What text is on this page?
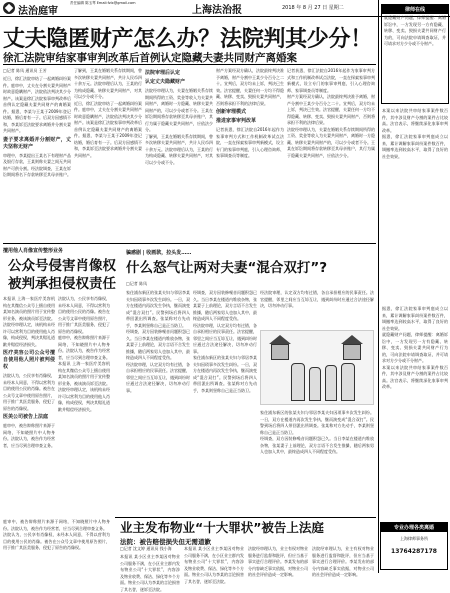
法治庭审
责任编辑 陈玉琴 Email:fzlx@gmail.com
上海法治报	2018 年 8 月 27 日 星期二
丈夫隐匿财产怎么办？法院判其少分！
徐汇法院审结家事审判改革后首例认定隐藏夫妻共同财产离婚案
□记者 陈凤 通讯员 王芳
近日，徐汇法院审结了一起离婚纠纷案件。庭审中，丈夫在分割夫妻共同财产时故意隐瞒财产，法院依法判决其少分财产。该案是徐汇法院家事审判改革后首例认定隐藏夫妻共同财产的离婚案件。据悉，李某与王某于2009年登记结婚，婚后育有一子。后双方因感情不和，李某诉至法院要求离婚并分割夫妻共同财产。
妻子要求离婚并分割财产，丈夫坚称无财产
审理中，李某提出王某名下有理财产品及银行存款，王某则称夫妻之间无共同财产可供分割。经法院调查，王某在诉讼期间将名下存款转移至其母亲账户。
了解到，王某在婚姻关系存续期间，曾多次转移夫妻共同财产，共计人民币四十余万元。法院审理后认为，王某的行为构成隐藏、转移夫妻共同财产，对其可以少分或不分。
近日，徐汇法院审结了一起离婚纠纷案件。庭审中，丈夫在分割夫妻共同财产时故意隐瞒财产，法院依法判决其少分财产。该案是徐汇法院家事审判改革后首例认定隐藏夫妻共同财产的离婚案件。据悉，李某与王某于2009年登记结婚，婚后育有一子。后双方因感情不和，李某诉至法院要求离婚并分割夫妻共同财产。
法院审理后认定
认定丈夫隐藏财产
法院经审理认为，夫妻在婚姻关系存续期间所得的工资、奖金等收入为夫妻共同财产，离婚时一方隐藏、转移夫妻共同财产的，可以少分或者不分。王某在诉讼期间将存款转移至其母亲账户，其行为属于隐藏夫妻共同财产，应依法少分。
了解到，王某在婚姻关系存续期间，曾多次转移夫妻共同财产，共计人民币四十余万元。法院审理后认为，王某的行为构成隐藏、转移夫妻共同财产，对其可以少分或不分。
财产方案经双方确认，法院最终判决准予离婚，财产分割中王某少分百分之二十。宣判后，双方均未上诉，判决已生效。法官提醒，夫妻任何一方均不得隐藏、转移、变卖、毁损夫妻共同财产，否则将承担不利的法律后果。
创新审理模式
推进家事审判改革
记者获悉，徐汇法院自2016年起作为家事审判方式和工作机制改革试点法院，一直在探索家事审判新模式，设立专门的家事审判庭，引入心理咨询师、家事调查员等制度。
记者获悉，徐汇法院自2016年起作为家事审判方式和工作机制改革试点法院，一直在探索家事审判新模式，设立专门的家事审判庭，引入心理咨询师、家事调查员等制度。
财产方案经双方确认，法院最终判决准予离婚，财产分割中王某少分百分之二十。宣判后，双方均未上诉，判决已生效。法官提醒，夫妻任何一方均不得隐藏、转移、变卖、毁损夫妻共同财产，否则将承担不利的法律后果。
法院经审理认为，夫妻在婚姻关系存续期间所得的工资、奖金等收入为夫妻共同财产，离婚时一方隐藏、转移夫妻共同财产的，可以少分或者不分。王某在诉讼期间将存款转移至其母亲账户，其行为属于隐藏夫妻共同财产，应依法少分。
擅用他人肖像宣传整形业务
公众号侵害肖像权
被判承担侵权责任
本报讯 上海一家医疗美容机构在其微信公众号上擅自使用某知名演员的照片用于宣传整形业务，被该演员诉至法院。法院经审理认定，该机构未经许可以营利为目的使用他人肖像，构成侵权，判决其赔礼道歉并赔偿经济损失。
医疗美容公司公众号擅自使用他人照片被判侵权
法院认为，公民享有肖像权，未经本人同意，不得以营利为目的使用公民的肖像。被告在公众号文章中使用原告照片，用于推广其医美服务，侵犯了原告的肖像权。
医美公司被告上法庭
庭审中，被告辩称照片来源于网络，不知晓照片中人物身份。法院认为，被告作为经营者，应当尽到合理审查义务。
法院认为，公民享有肖像权，未经本人同意，不得以营利为目的使用公民的肖像。被告在公众号文章中使用原告照片，用于推广其医美服务，侵犯了原告的肖像权。
庭审中，被告辩称照片来源于网络，不知晓照片中人物身份。法院认为，被告作为经营者，应当尽到合理审查义务。
本报讯 上海一家医疗美容机构在其微信公众号上擅自使用某知名演员的照片用于宣传整形业务，被该演员诉至法院。法院经审理认定，该机构未经许可以营利为目的使用他人肖像，构成侵权，判决其赔礼道歉并赔偿经济损失。
骗感剧 | 收画款，拉头发……
什么怒气让两对夫妻“混合双打”?
□记者 陈凤
家住浦东新区的张某夫妇与邻居李某夫妇因琐事多次发生纠纷。一日，双方在楼道内再次发生争执，继而演变成“混合双打”。民警到场后将四人带回派出所调查。张某称对方先动手，李某则坚称自己是正当防卫。
经调查，双方因装修噪音问题积怨已久。当日李某在楼道内堆放杂物，张某妻子上前理论，双方言语不合发生推搡，随后两家男人也加入其中，最终造成四人不同程度受伤。
经法院审理，认定双方均有过错，各自承担相应的民事责任。法官提醒，邻里之间应当互谅互让，遇到纠纷时应通过合法途径解决，切勿冲动行事。
经调查，双方因装修噪音问题积怨已久。当日李某在楼道内堆放杂物，张某妻子上前理论，双方言语不合发生推搡，随后两家男人也加入其中，最终造成四人不同程度受伤。
经法院审理，认定双方均有过错，各自承担相应的民事责任。法官提醒，邻里之间应当互谅互让，遇到纠纷时应通过合法途径解决，切勿冲动行事。
家住浦东新区的张某夫妇与邻居李某夫妇因琐事多次发生纠纷。一日，双方在楼道内再次发生争执，继而演变成“混合双打”。民警到场后将四人带回派出所调查。张某称对方先动手，李某则坚称自己是正当防卫。
经法院审理，认定双方均有过错，各自承担相应的民事责任。法官提醒，邻里之间应当互谅互让，遇到纠纷时应通过合法途径解决，切勿冲动行事。
家住浦东新区的张某夫妇与邻居李某夫妇因琐事多次发生纠纷。一日，双方在楼道内再次发生争执，继而演变成“混合双打”。民警到场后将四人带回派出所调查。张某称对方先动手，李某则坚称自己是正当防卫。
经调查，双方因装修噪音问题积怨已久。当日李某在楼道内堆放杂物，张某妻子上前理论，双方言语不合发生推搡，随后两家男人也加入其中，最终造成四人不同程度受伤。
业主发布物业“十大罪状”被告上法庭
法院：被告赔偿损失但无需道歉
□记者 沈文婷 通讯员 钱小海
本报讯 某小区业主李某因对物业公司服务不满，在小区业主群内发布物业公司“十大罪状”，内容涉及物业收费、保洁、绿化等多个方面。物业公司认为李某的言论损害了其名誉，遂诉至法院。
本报讯 某小区业主李某因对物业公司服务不满，在小区业主群内发布物业公司“十大罪状”，内容涉及物业收费、保洁、绿化等多个方面。物业公司认为李某的言论损害了其名誉，遂诉至法院。
法院经审理认为，业主有权对物业服务进行监督和批评，但应当基于事实进行合理评价。李某发布的部分内容缺乏事实依据，对物业公司的社会评价造成一定影响。
法院经审理认为，业主有权对物业服务进行监督和批评，但应当基于事实进行合理评价。李某发布的部分内容缺乏事实依据，对物业公司的社会评价造成一定影响。
庭审中，被告辩称照片来源于网络，不知晓照片中人物身份。法院认为，被告作为经营者，应当尽到合理审查义务。
法院认为，公民享有肖像权，未经本人同意，不得以营利为目的使用公民的肖像。被告在公众号文章中使用原告照片，用于推广其医美服务，侵犯了原告的肖像权。
律师在线
就隐藏财产问题，律师提醒：离婚诉讼中，一方发现另一方有隐藏、转移、变卖、毁损夫妻共同财产行为的，可向法院申请调查取证，并可请求对方少分或不分财产。
本案以来法院共审结家事案件数百件，其中涉及财产分割的案件占比较高。法官表示，将继续深化家事审判改革。
据悉，徐汇法院家事审判庭成立以来，累计调解家事纠纷案件数百件，调撤率达到较高水平，取得了良好的社会效果。
据悉，徐汇法院家事审判庭成立以来，累计调解家事纠纷案件数百件，调撤率达到较高水平，取得了良好的社会效果。
就隐藏财产问题，律师提醒：离婚诉讼中，一方发现另一方有隐藏、转移、变卖、毁损夫妻共同财产行为的，可向法院申请调查取证，并可请求对方少分或不分财产。
本案以来法院共审结家事案件数百件，其中涉及财产分割的案件占比较高。法官表示，将继续深化家事审判改革。
专业办理各类离婚
上海律师事务所
13764287178
